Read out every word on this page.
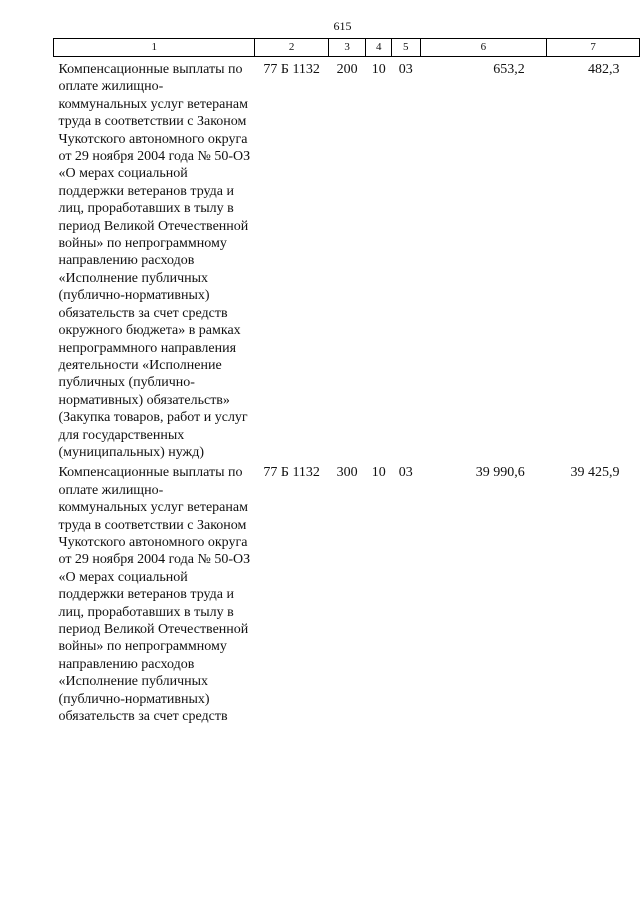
615
1	2	3	4	5	6	7
Компенсационные выплаты по оплате жилищно-коммунальных услуг ветеранам труда в соответствии с Законом Чукотского автономного округа от 29 ноября 2004 года № 50-ОЗ «О мерах социальной поддержки ветеранов труда и лиц, проработавших в тылу в период Великой Отечественной войны» по непрограммному направлению расходов «Исполнение публичных (публично-нормативных) обязательств за счет средств окружного бюджета» в рамках непрограммного направления деятельности «Исполнение публичных (публично-нормативных) обязательств» (Закупка товаров, работ и услуг для государственных (муниципальных) нужд)	77 Б 1132	200	10	03	653,2	482,3
Компенсационные выплаты по оплате жилищно-коммунальных услуг ветеранам труда в соответствии с Законом Чукотского автономного округа от 29 ноября 2004 года № 50-ОЗ «О мерах социальной поддержки ветеранов труда и лиц, проработавших в тылу в период Великой Отечественной войны» по непрограммному направлению расходов «Исполнение публичных (публично-нормативных) обязательств за счет средств	77 Б 1132	300	10	03	39 990,6	39 425,9
